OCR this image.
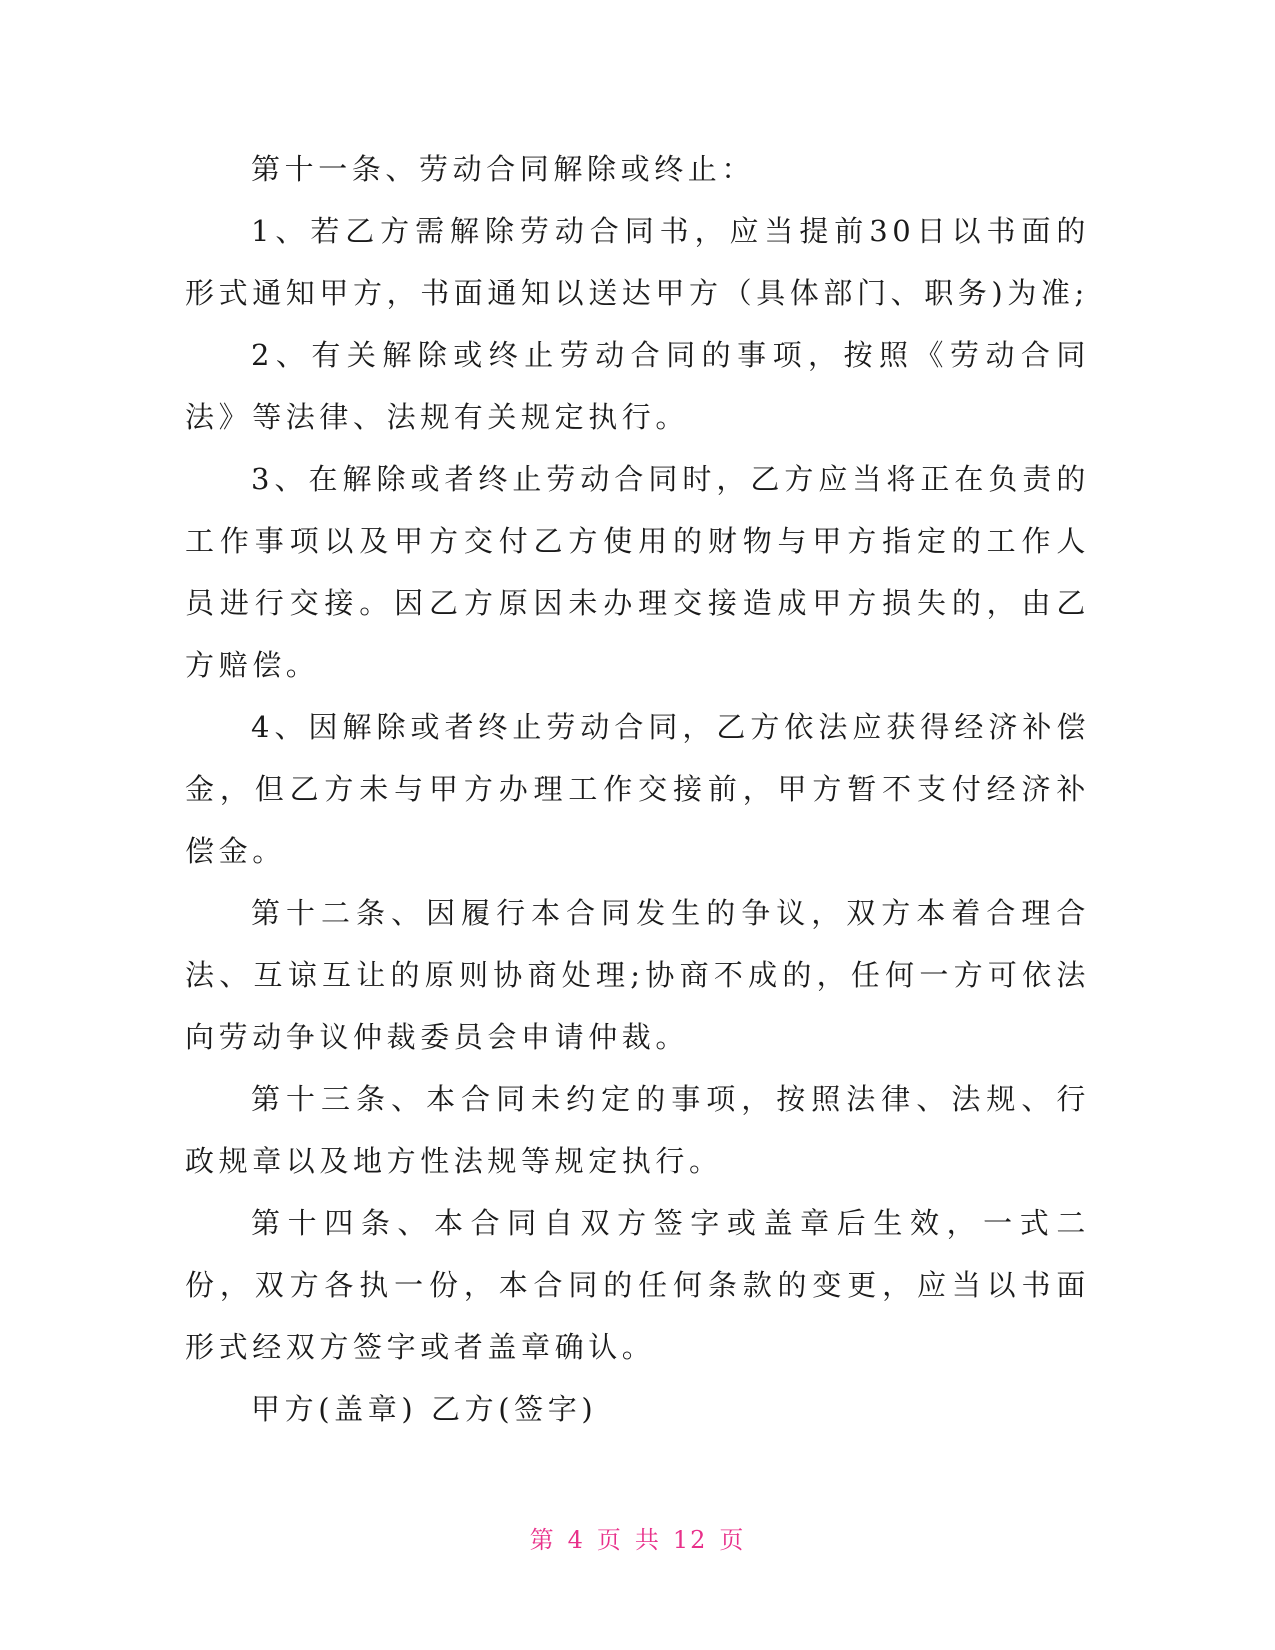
第十一条、劳动合同解除或终止：

1、若乙方需解除劳动合同书，应当提前30日以书面的形式通知甲方，书面通知以送达甲方（具体部门、职务)为准;

2、有关解除或终止劳动合同的事项，按照《劳动合同法》等法律、法规有关规定执行。

3、在解除或者终止劳动合同时，乙方应当将正在负责的工作事项以及甲方交付乙方使用的财物与甲方指定的工作人员进行交接。因乙方原因未办理交接造成甲方损失的，由乙方赔偿。

4、因解除或者终止劳动合同，乙方依法应获得经济补偿金，但乙方未与甲方办理工作交接前，甲方暂不支付经济补偿金。

第十二条、因履行本合同发生的争议，双方本着合理合法、互谅互让的原则协商处理;协商不成的，任何一方可依法向劳动争议仲裁委员会申请仲裁。

第十三条、本合同未约定的事项，按照法律、法规、行政规章以及地方性法规等规定执行。

第十四条、本合同自双方签字或盖章后生效，一式二份，双方各执一份，本合同的任何条款的变更，应当以书面形式经双方签字或者盖章确认。

甲方(盖章) 乙方(签字)

第 4 页 共 12 页
